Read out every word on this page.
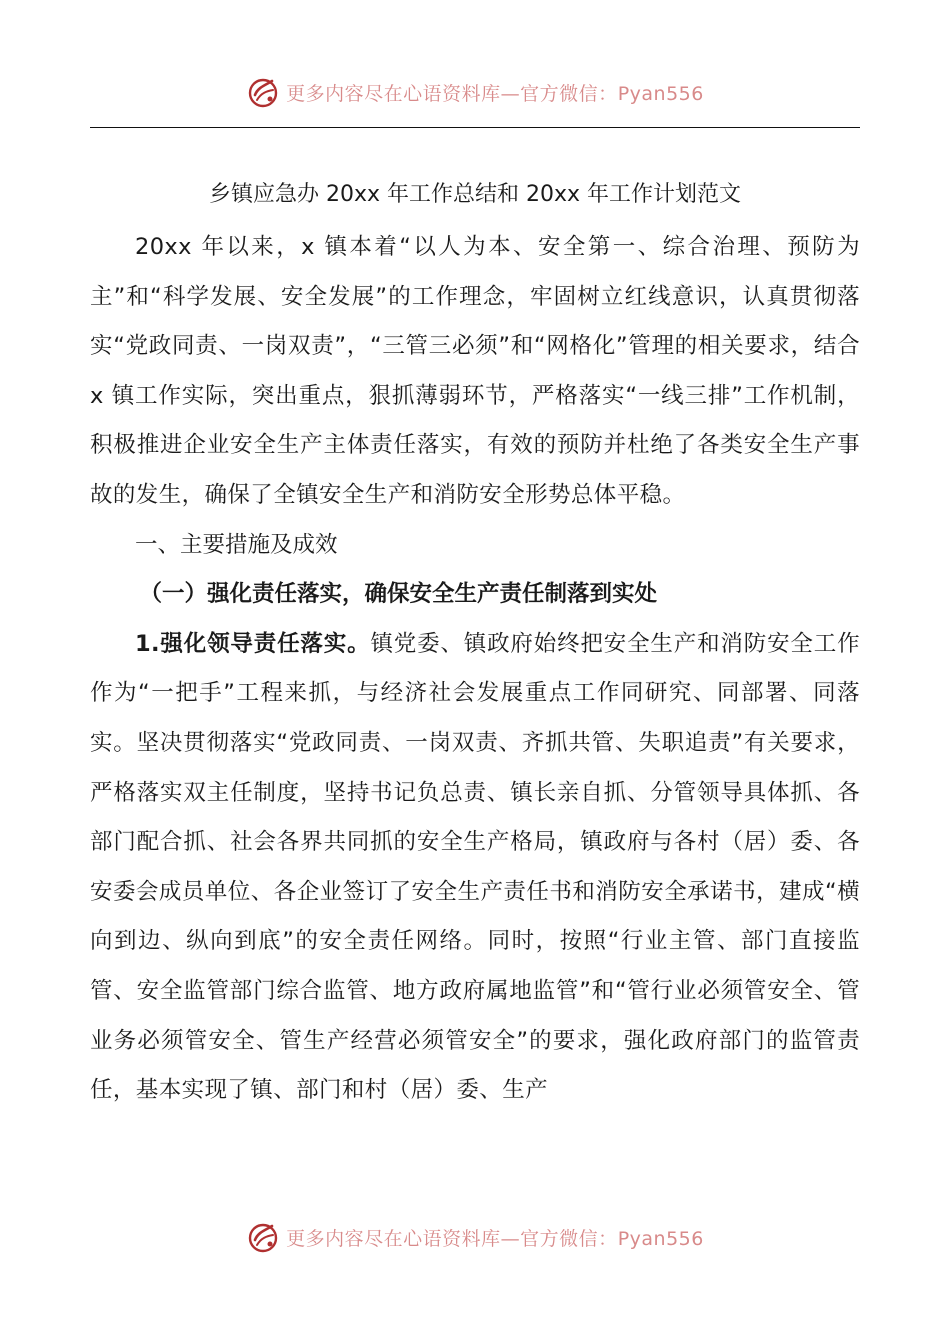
更多内容尽在心语资料库—官方微信：Pyan556
乡镇应急办 20xx 年工作总结和 20xx 年工作计划范文

20xx 年以来，x 镇本着“以人为本、安全第一、综合治理、预防为主”和“科学发展、安全发展”的工作理念，牢固树立红线意识，认真贯彻落实“党政同责、一岗双责”，“三管三必须”和“网格化”管理的相关要求，结合 x 镇工作实际，突出重点，狠抓薄弱环节，严格落实“一线三排”工作机制，积极推进企业安全生产主体责任落实，有效的预防并杜绝了各类安全生产事故的发生，确保了全镇安全生产和消防安全形势总体平稳。

一、主要措施及成效
（一）强化责任落实，确保安全生产责任制落到实处

1.强化领导责任落实。镇党委、镇政府始终把安全生产和消防安全工作作为“一把手”工程来抓，与经济社会发展重点工作同研究、同部署、同落实。坚决贯彻落实“党政同责、一岗双责、齐抓共管、失职追责”有关要求，严格落实双主任制度，坚持书记负总责、镇长亲自抓、分管领导具体抓、各部门配合抓、社会各界共同抓的安全生产格局，镇政府与各村（居）委、各安委会成员单位、各企业签订了安全生产责任书和消防安全承诺书，建成“横向到边、纵向到底”的安全责任网络。同时，按照“行业主管、部门直接监管、安全监管部门综合监管、地方政府属地监管”和“管行业必须管安全、管业务必须管安全、管生产经营必须管安全”的要求，强化政府部门的监管责任，基本实现了镇、部门和村（居）委、生产

更多内容尽在心语资料库—官方微信：Pyan556
